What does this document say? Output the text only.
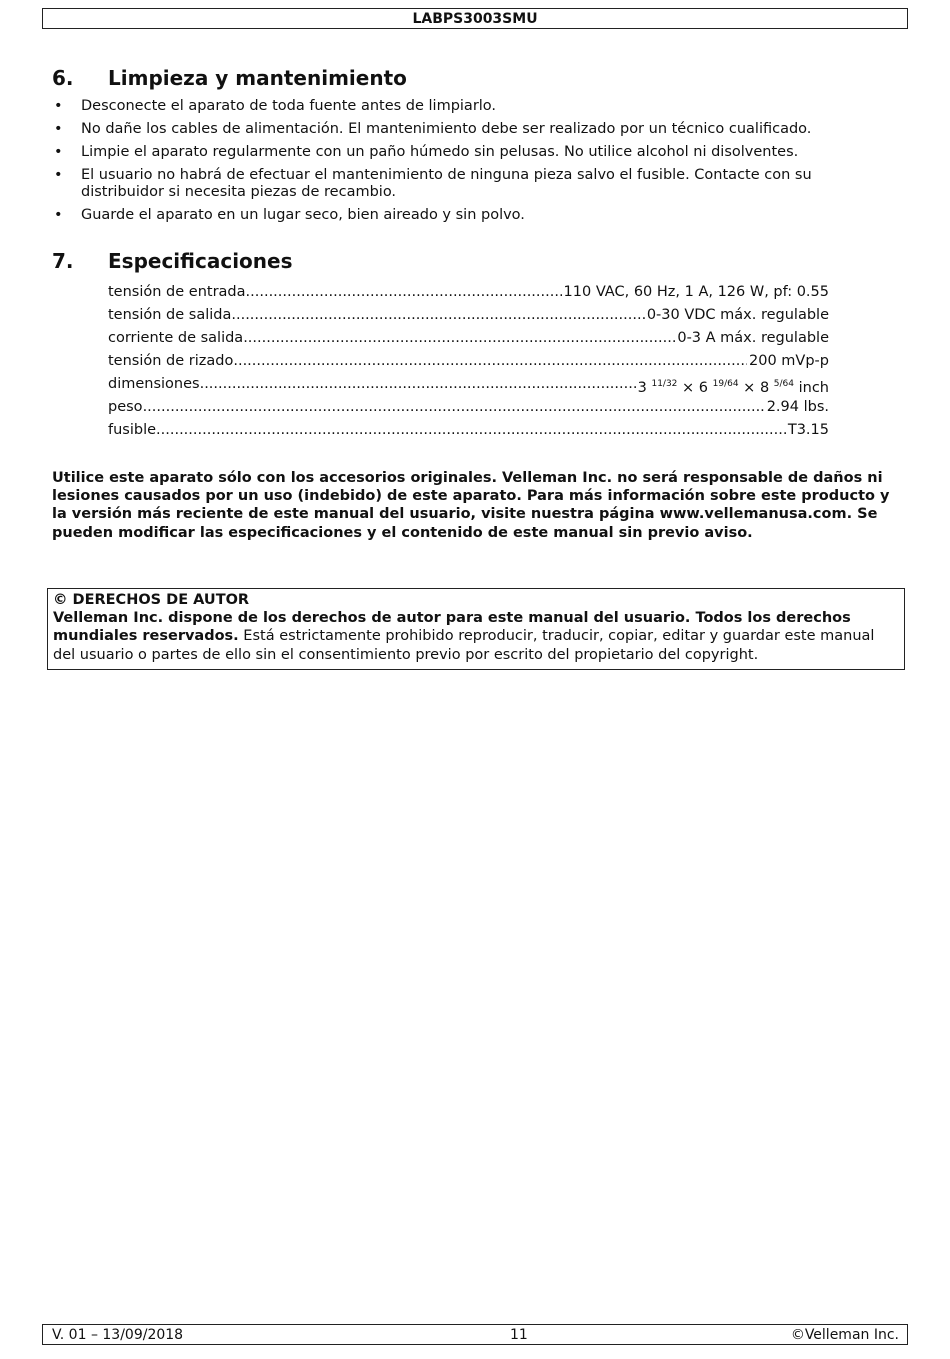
LABPS3003SMU
6. Limpieza y mantenimiento
• Desconecte el aparato de toda fuente antes de limpiarlo.
• No dañe los cables de alimentación. El mantenimiento debe ser realizado por un técnico cualificado.
• Limpie el aparato regularmente con un paño húmedo sin pelusas. No utilice alcohol ni disolventes.
• El usuario no habrá de efectuar el mantenimiento de ninguna pieza salvo el fusible. Contacte con su distribuidor si necesita piezas de recambio.
• Guarde el aparato en un lugar seco, bien aireado y sin polvo.
7. Especificaciones
tensión de entrada .....	110 VAC, 60 Hz, 1 A, 126 W, pf: 0.55
tensión de salida .....	0-30 VDC máx. regulable
corriente de salida .....	0-3 A máx. regulable
tensión de rizado .....	200 mVp-p
dimensiones .....	3 $^{11/32}$ × 6 $^{19/64}$ × 8 $^{5/64}$ inch
peso .....	2.94 lbs.
fusible .....	T3.15

Utilice este aparato sólo con los accesorios originales. Velleman Inc. no será responsable de daños ni lesiones causados por un uso (indebido) de este aparato. Para más información sobre este producto y la versión más reciente de este manual del usuario, visite nuestra página www.vellemanusa.com. Se pueden modificar las especificaciones y el contenido de este manual sin previo aviso.

© DERECHOS DE AUTOR
Velleman Inc. dispone de los derechos de autor para este manual del usuario. Todos los derechos mundiales reservados. Está estrictamente prohibido reproducir, traducir, copiar, editar y guardar este manual del usuario o partes de ello sin el consentimiento previo por escrito del propietario del copyright.
V. 01 – 13/09/2018	11	©Velleman Inc.
